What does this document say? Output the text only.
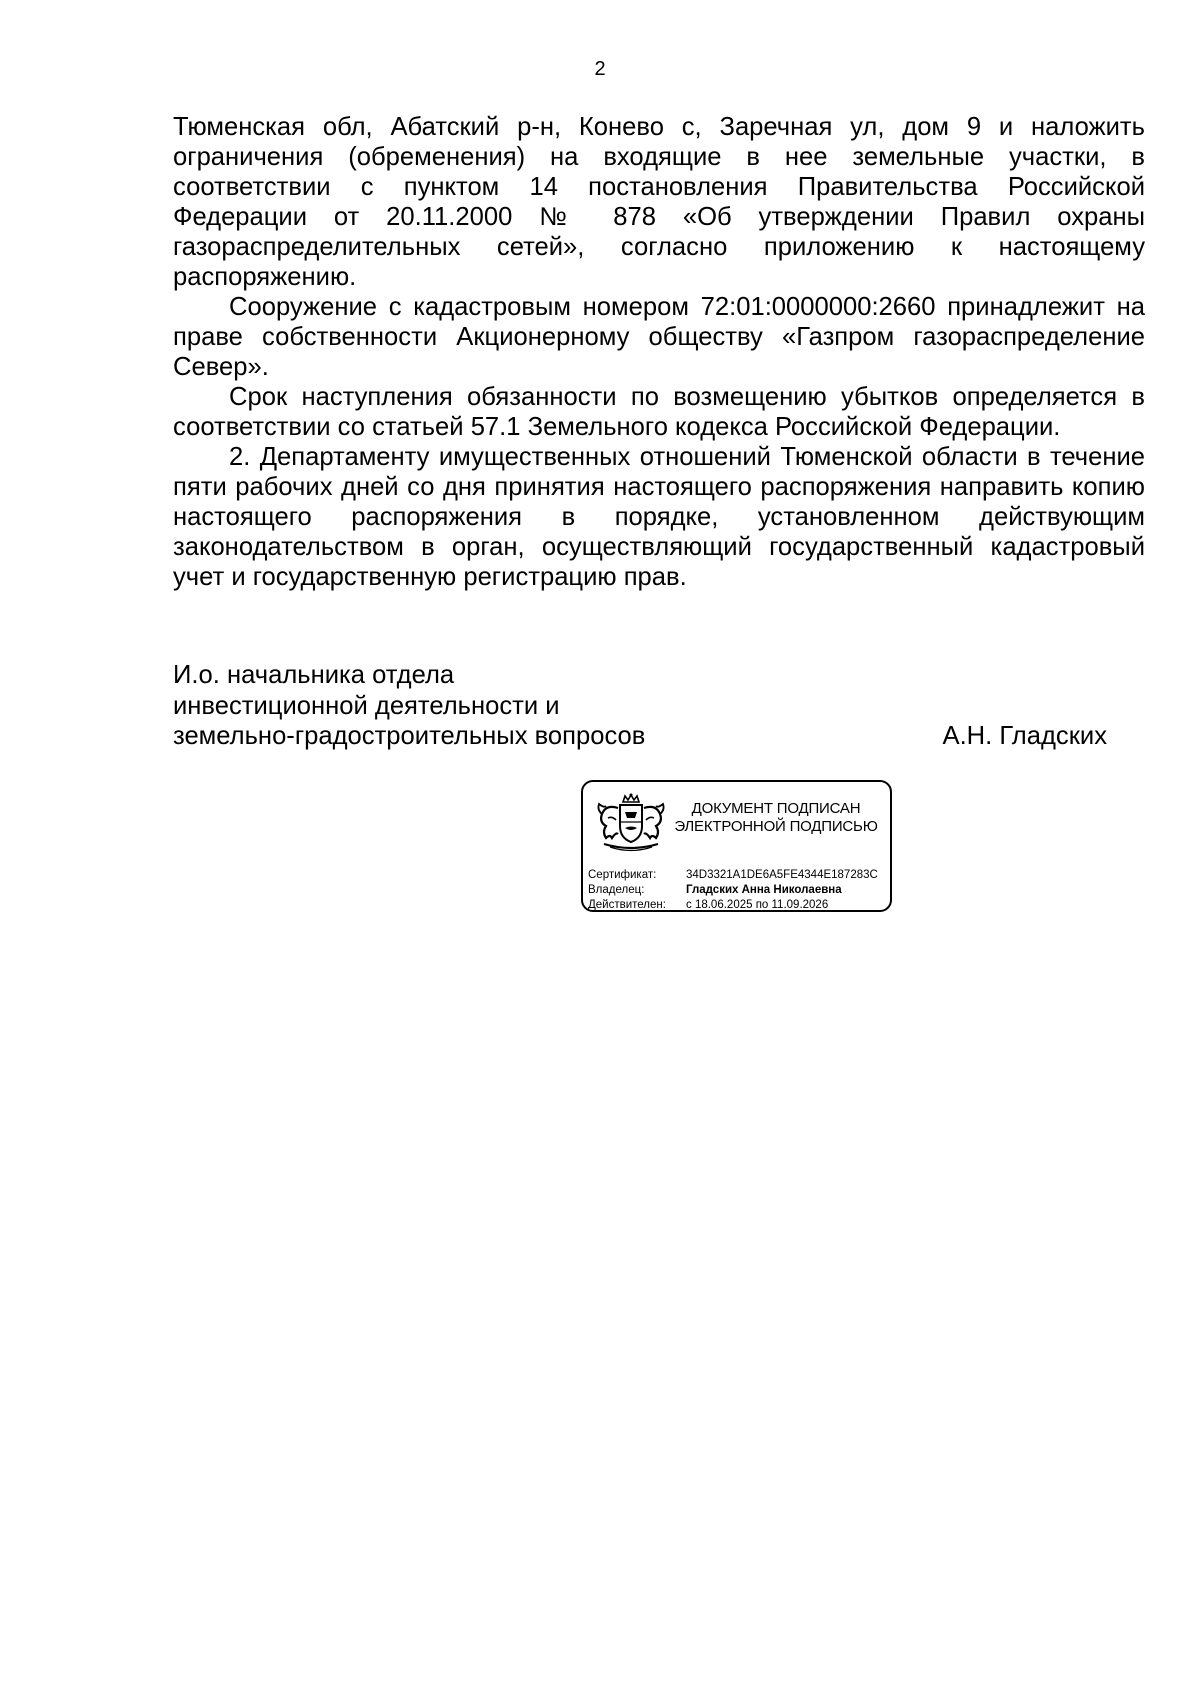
2

Тюменская обл, Абатский р-н, Конево с, Заречная ул, дом 9 и наложить ограничения (обременения) на входящие в нее земельные участки, в соответствии с пунктом 14 постановления Правительства Российской Федерации от 20.11.2000 № 878 «Об утверждении Правил охраны газораспределительных сетей», согласно приложению к настоящему распоряжению.

Сооружение с кадастровым номером 72:01:0000000:2660 принадлежит на праве собственности Акционерному обществу «Газпром газораспределение Север».

Срок наступления обязанности по возмещению убытков определяется в соответствии со статьей 57.1 Земельного кодекса Российской Федерации.

2. Департаменту имущественных отношений Тюменской области в течение пяти рабочих дней со дня принятия настоящего распоряжения направить копию настоящего распоряжения в порядке, установленном действующим законодательством в орган, осуществляющий государственный кадастровый учет и государственную регистрацию прав.

И.о. начальника отдела
инвестиционной деятельности и
земельно-градостроительных вопросов	А.Н. Гладских
ДОКУМЕНТ ПОДПИСАН
ЭЛЕКТРОННОЙ ПОДПИСЬЮ
Сертификат:	34D3321A1DE6A5FE4344E187283C
Владелец:	Гладских Анна Николаевна
Действителен: с 18.06.2025 по 11.09.2026
